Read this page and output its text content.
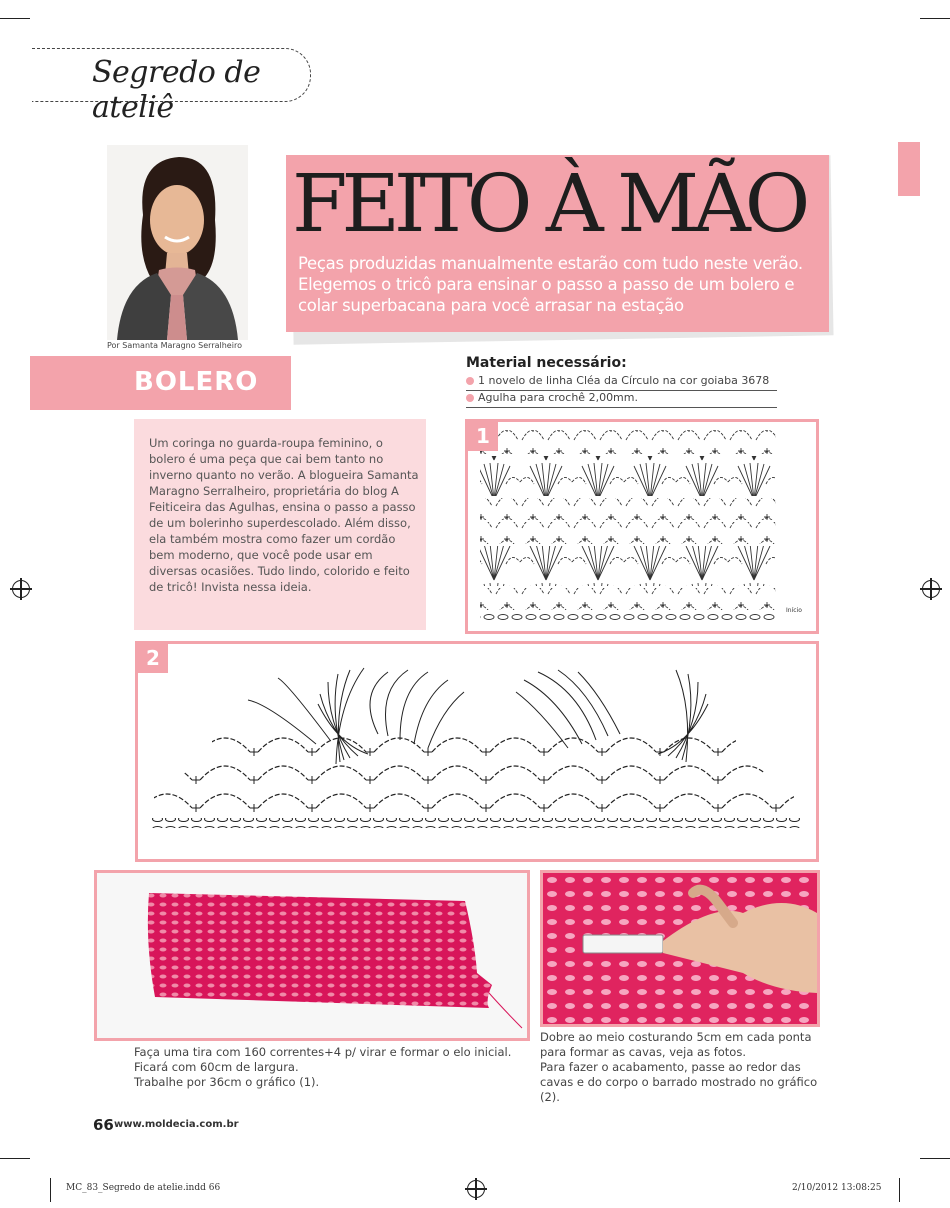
Segredo de ateliê
Por Samanta Maragno Serralheiro
FEITO À MÃO
Peças produzidas manualmente estarão com tudo neste verão. Elegemos o tricô para ensinar o passo a passo de um bolero e colar superbacana para você arrasar na estação
BOLERO
Material necessário:
1 novelo de linha Cléa da Círculo na cor goiaba 3678
Agulha para crochê 2,00mm.
Um coringa no guarda-roupa feminino, o bolero é uma peça que cai bem tanto no inverno quanto no verão. A blogueira Samanta Maragno Serralheiro, proprietária do blog A Feiticeira das Agulhas, ensina o passo a passo de um bolerinho superdescolado. Além disso, ela também mostra como fazer um cordão bem moderno, que você pode usar em diversas ocasiões. Tudo lindo, colorido e feito de tricô! Invista nessa ideia.
Início
1
2
Faça uma tira com 160 correntes+4 p/ virar e formar o elo inicial.
Ficará com 60cm de largura.
Trabalhe por 36cm o gráfico (1).
Dobre ao meio costurando 5cm em cada ponta para formar as cavas, veja as fotos.
Para fazer o acabamento, passe ao redor das cavas e do corpo o barrado mostrado no gráfico (2).
66 www.moldecia.com.br
MC_83_Segredo de atelie.indd 66	2/10/2012 13:08:25
